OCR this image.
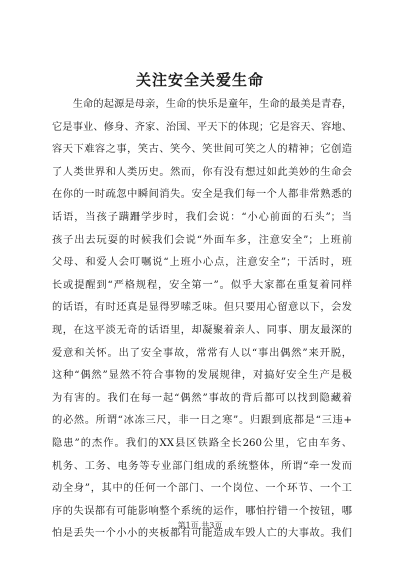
关注安全关爱生命
　　生命的起源是母亲，生命的快乐是童年，生命的最美是青春，
它是事业、修身、齐家、治国、平天下的体现；它是容天、容地、
容天下难容之事，笑古、笑今、笑世间可笑之人的精神；它创造
了人类世界和人类历史。然而，你有没有想过如此美妙的生命会
在你的一时疏忽中瞬间消失。安全是我们每一个人都非常熟悉的
话语，当孩子蹒跚学步时，我们会说：“小心前面的石头”；当
孩子出去玩耍的时候我们会说“外面车多，注意安全”；上班前
父母、和爱人会叮嘱说“上班小心点，注意安全”；干活时，班
长或提醒到“严格规程，安全第一”。似乎大家都在重复着同样
的话语，有时还真是显得罗嗦乏味。但只要用心留意以下，会发
现，在这平淡无奇的话语里，却凝聚着亲人、同事、朋友最深的
爱意和关怀。出了安全事故，常常有人以“事出偶然”来开脱，
这种“偶然”显然不符合事物的发展规律，对搞好安全生产是极
为有害的。我们在每一起“偶然”事故的背后都可以找到隐藏着
的必然。所谓“冰冻三尺，非一日之寒”。归跟到底都是“三违+
隐患”的杰作。我们的XX县区铁路全长260公里，它由车务、
机务、工务、电务等专业部门组成的系统整体，所谓“牵一发而
动全身”，其中的任何一个部门、一个岗位、一个环节、一个工
序的失误都有可能影响整个系统的运作，哪怕拧错一个按钮，哪
怕是丢失一个小小的夹板都有可能造成车毁人亡的大事故。我们
第1页 共3页
